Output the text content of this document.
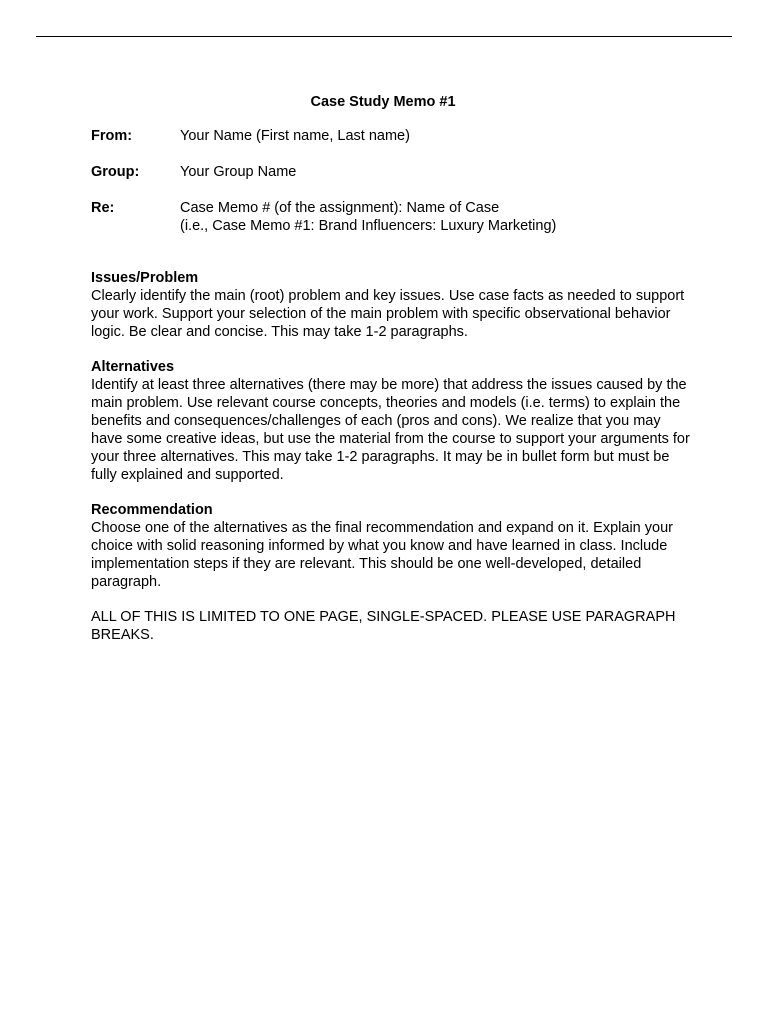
Case Study Memo #1
From:	Your Name (First name, Last name)
Group:	Your Group Name
Re:	Case Memo # (of the assignment): Name of Case
(i.e., Case Memo #1: Brand Influencers: Luxury Marketing)
Issues/Problem
Clearly identify the main (root) problem and key issues. Use case facts as needed to support your work. Support your selection of the main problem with specific observational behavior logic. Be clear and concise. This may take 1-2 paragraphs.
Alternatives
Identify at least three alternatives (there may be more) that address the issues caused by the main problem. Use relevant course concepts, theories and models (i.e. terms) to explain the benefits and consequences/challenges of each (pros and cons). We realize that you may have some creative ideas, but use the material from the course to support your arguments for your three alternatives. This may take 1-2 paragraphs. It may be in bullet form but must be fully explained and supported.
Recommendation
Choose one of the alternatives as the final recommendation and expand on it. Explain your choice with solid reasoning informed by what you know and have learned in class. Include implementation steps if they are relevant. This should be one well-developed, detailed paragraph.
ALL OF THIS IS LIMITED TO ONE PAGE, SINGLE-SPACED. PLEASE USE PARAGRAPH BREAKS.
